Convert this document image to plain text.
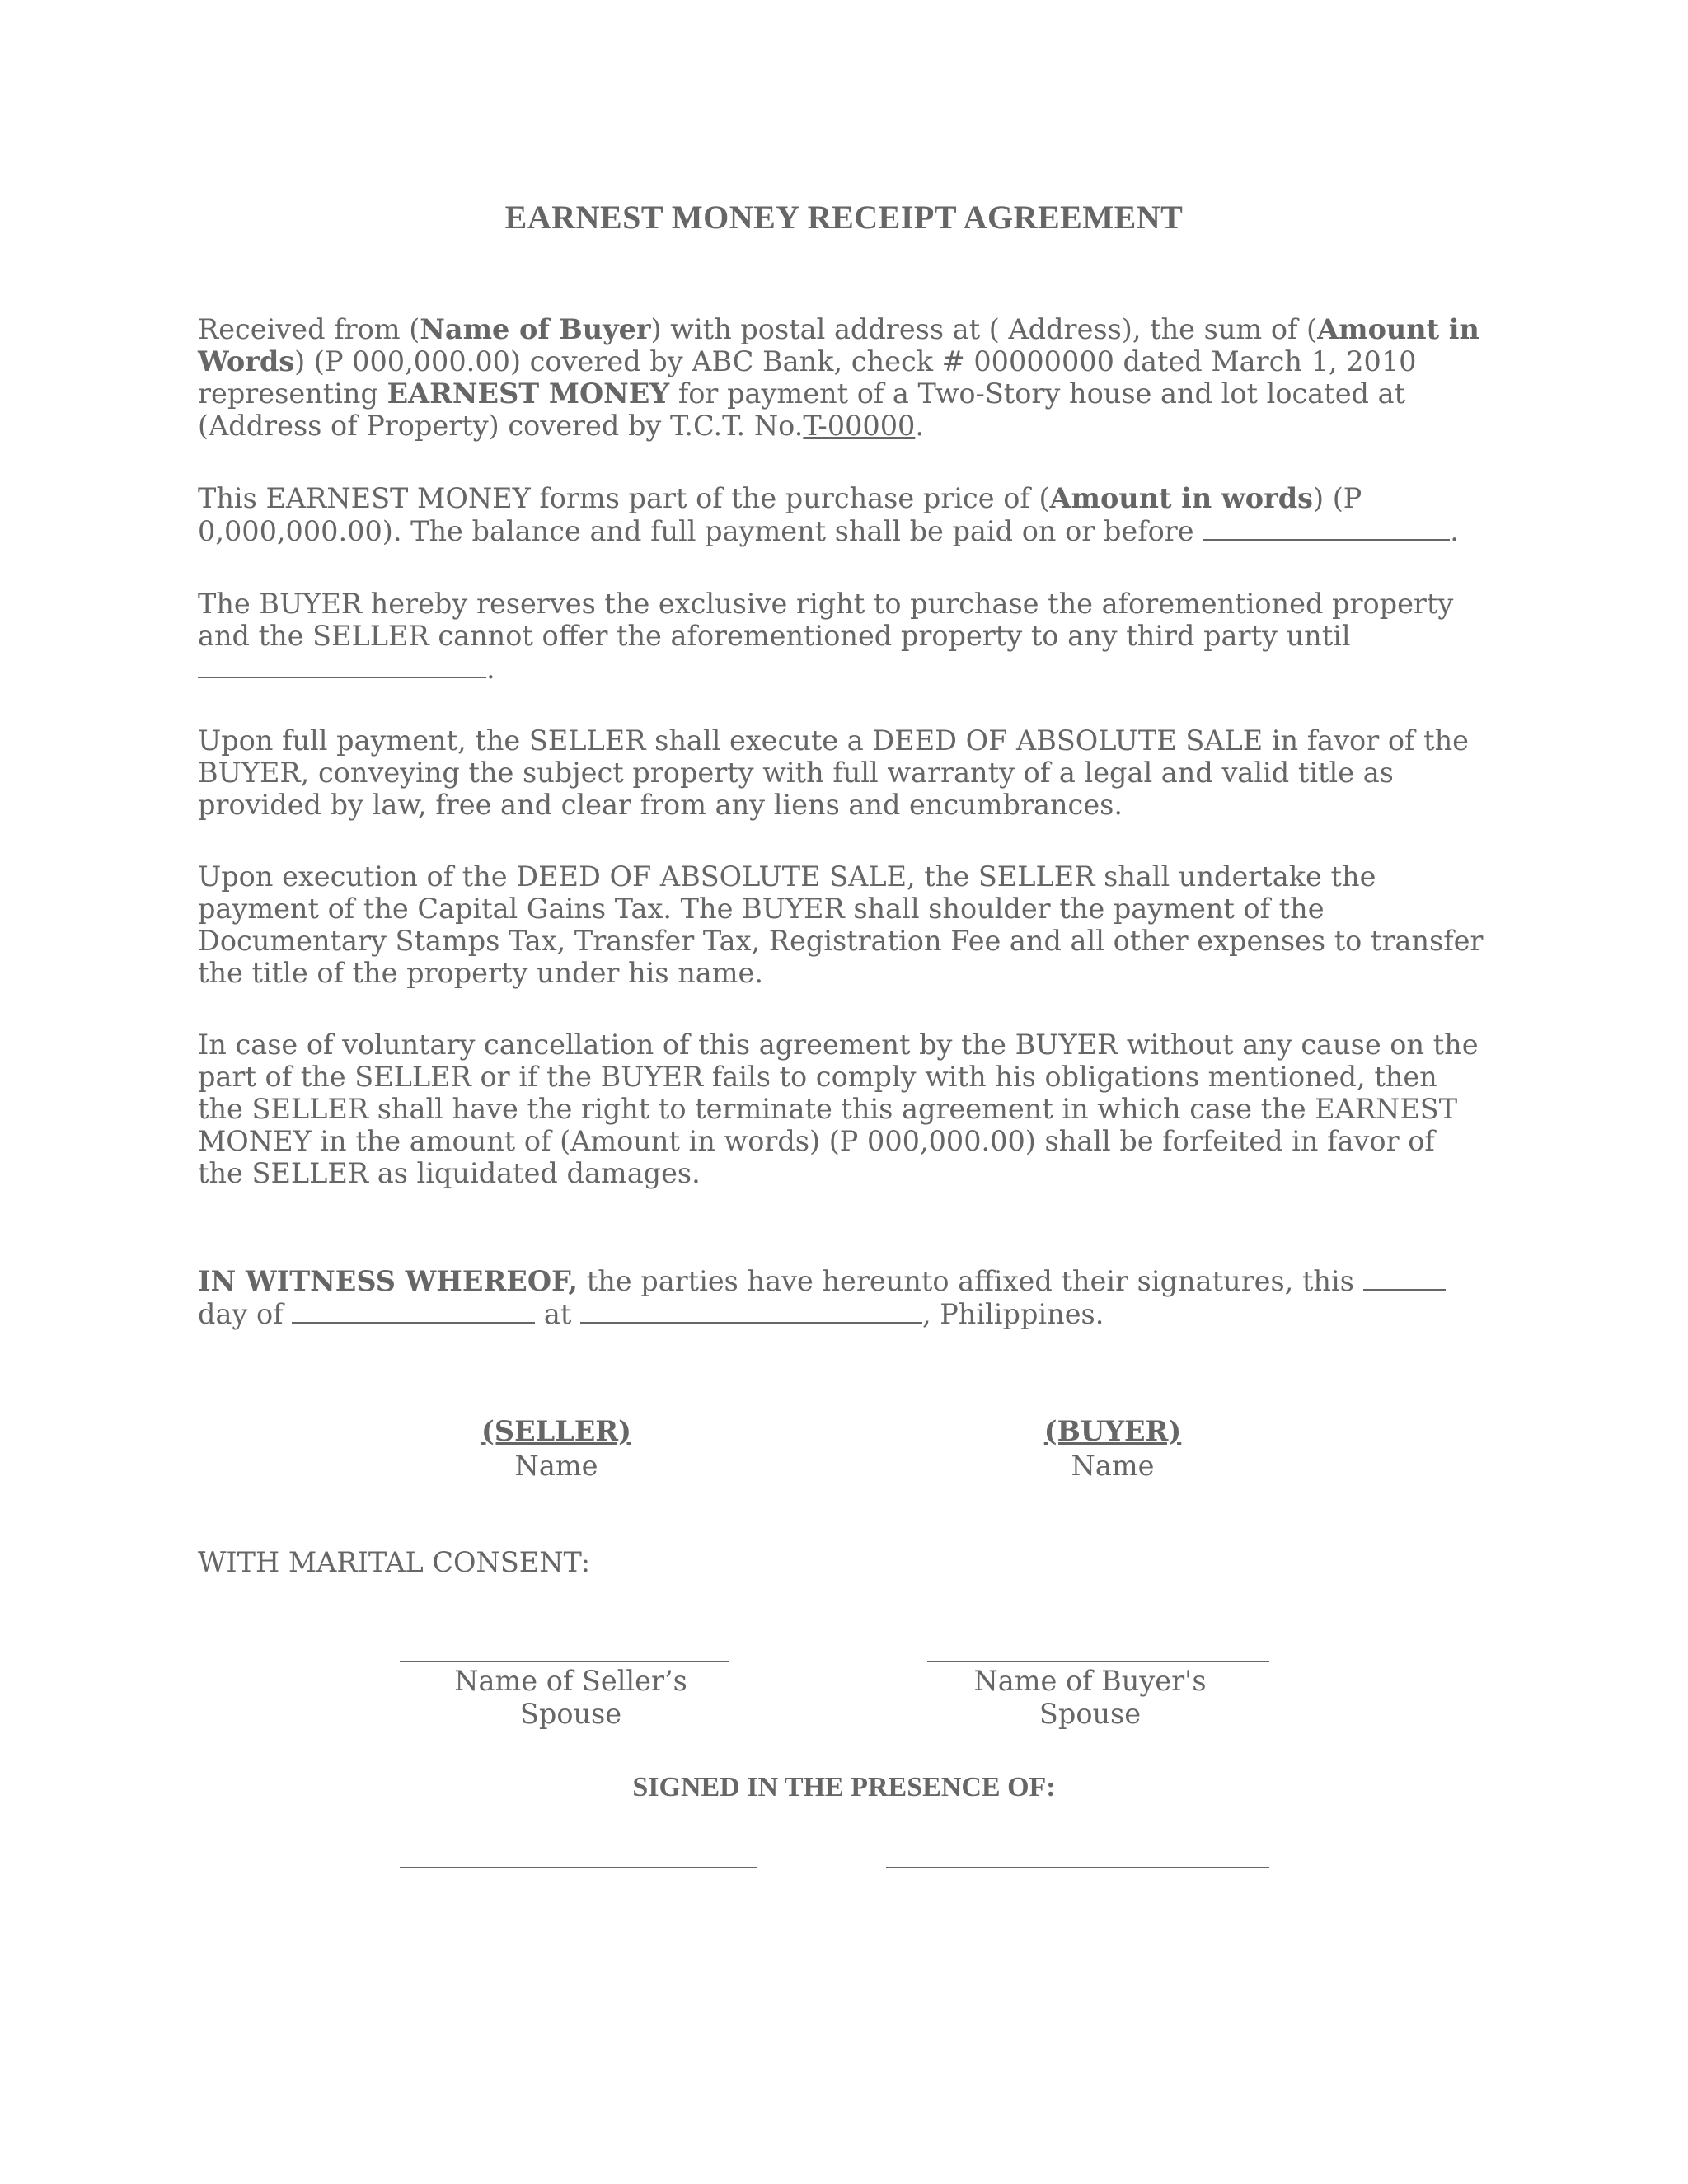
EARNEST MONEY RECEIPT AGREEMENT
Received from (Name of Buyer) with postal address at ( Address), the sum of (Amount in Words) (P 000,000.00) covered by ABC Bank, check # 00000000 dated March 1, 2010 representing EARNEST MONEY for payment of a Two-Story house and lot located at (Address of Property) covered by T.C.T. No.T-00000.
This EARNEST MONEY forms part of the purchase price of (Amount in words) (P 0,000,000.00). The balance and full payment shall be paid on or before	.
The BUYER hereby reserves the exclusive right to purchase the aforementioned property and the SELLER cannot offer the aforementioned property to any third party until .
Upon full payment, the SELLER shall execute a DEED OF ABSOLUTE SALE in favor of the BUYER, conveying the subject property with full warranty of a legal and valid title as provided by law, free and clear from any liens and encumbrances.
Upon execution of the DEED OF ABSOLUTE SALE, the SELLER shall undertake the payment of the Capital Gains Tax. The BUYER shall shoulder the payment of the Documentary Stamps Tax, Transfer Tax, Registration Fee and all other expenses to transfer the title of the property under his name.
In case of voluntary cancellation of this agreement by the BUYER without any cause on the part of the SELLER or if the BUYER fails to comply with his obligations mentioned, then the SELLER shall have the right to terminate this agreement in which case the EARNEST MONEY in the amount of (Amount in words) (P 000,000.00) shall be forfeited in favor of the SELLER as liquidated damages.
IN WITNESS WHEREOF, the parties have hereunto affixed their signatures, this  day of	at	, Philippines.
(SELLER)
Name
(BUYER)
Name
WITH MARITAL CONSENT:
Name of Seller’s Spouse
Name of Buyer's Spouse
SIGNED IN THE PRESENCE OF:
